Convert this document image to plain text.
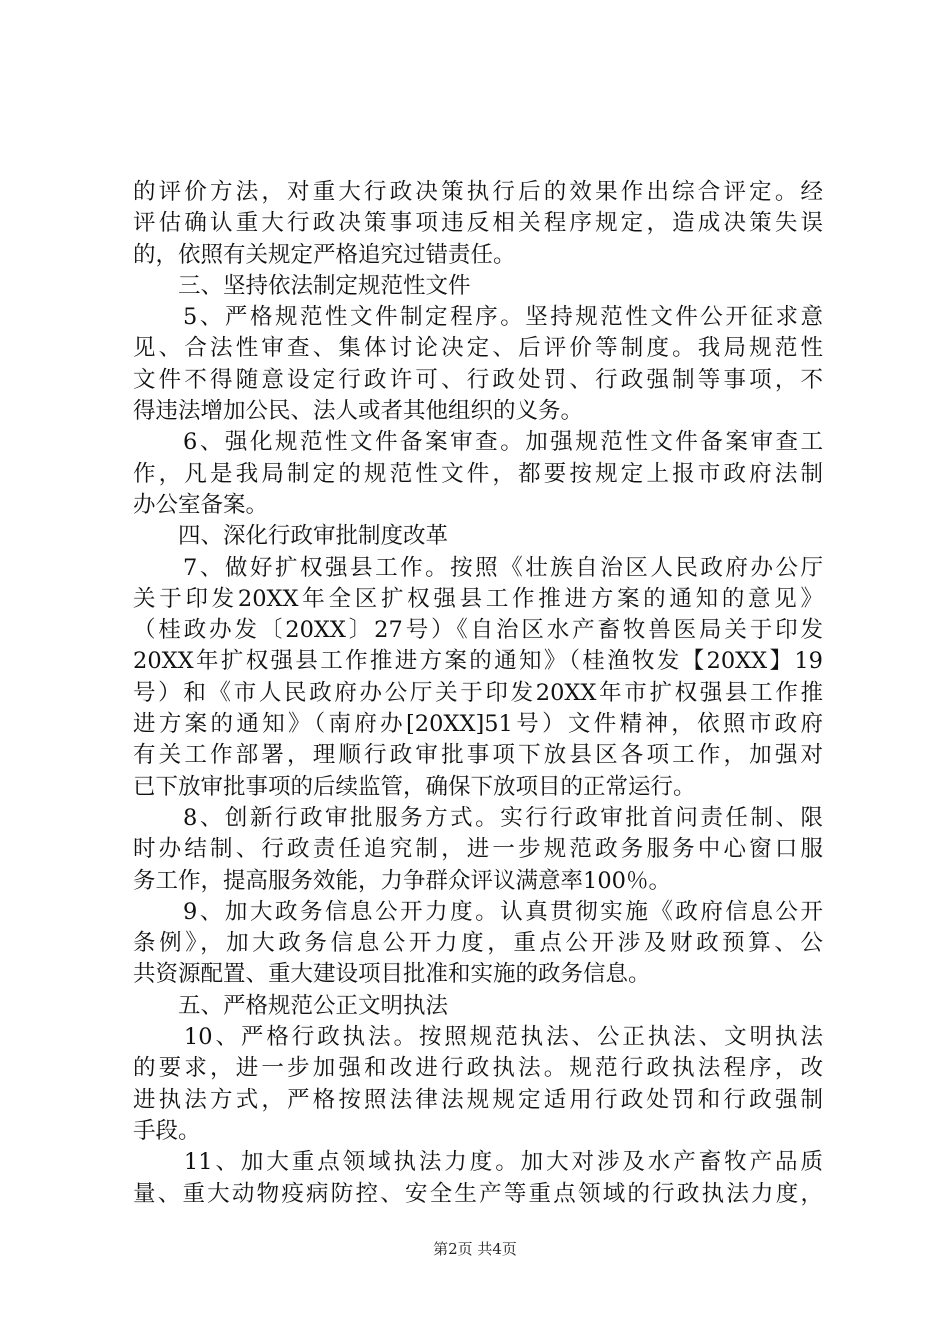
的评价方法，对重大行政决策执行后的效果作出综合评定。经
评估确认重大行政决策事项违反相关程序规定，造成决策失误
的，依照有关规定严格追究过错责任。
　　三、坚持依法制定规范性文件
　　5、严格规范性文件制定程序。坚持规范性文件公开征求意
见、合法性审查、集体讨论决定、后评价等制度。我局规范性
文件不得随意设定行政许可、行政处罚、行政强制等事项，不
得违法增加公民、法人或者其他组织的义务。
　　6、强化规范性文件备案审查。加强规范性文件备案审查工
作，凡是我局制定的规范性文件，都要按规定上报市政府法制
办公室备案。
　　四、深化行政审批制度改革
　　7、做好扩权强县工作。按照《壮族自治区人民政府办公厅
关于印发20XX年全区扩权强县工作推进方案的通知的意见》
（桂政办发〔20XX〕27号）《自治区水产畜牧兽医局关于印发
20XX年扩权强县工作推进方案的通知》（桂渔牧发【20XX】19
号）和《市人民政府办公厅关于印发20XX年市扩权强县工作推
进方案的通知》（南府办[20XX]51号）文件精神，依照市政府
有关工作部署，理顺行政审批事项下放县区各项工作，加强对
已下放审批事项的后续监管，确保下放项目的正常运行。
　　8、创新行政审批服务方式。实行行政审批首问责任制、限
时办结制、行政责任追究制，进一步规范政务服务中心窗口服
务工作，提高服务效能，力争群众评议满意率100％。
　　9、加大政务信息公开力度。认真贯彻实施《政府信息公开
条例》，加大政务信息公开力度，重点公开涉及财政预算、公
共资源配置、重大建设项目批准和实施的政务信息。
　　五、严格规范公正文明执法
　　10、严格行政执法。按照规范执法、公正执法、文明执法
的要求，进一步加强和改进行政执法。规范行政执法程序，改
进执法方式，严格按照法律法规规定适用行政处罚和行政强制
手段。
　　11、加大重点领域执法力度。加大对涉及水产畜牧产品质
量、重大动物疫病防控、安全生产等重点领域的行政执法力度，
第2页 共4页
